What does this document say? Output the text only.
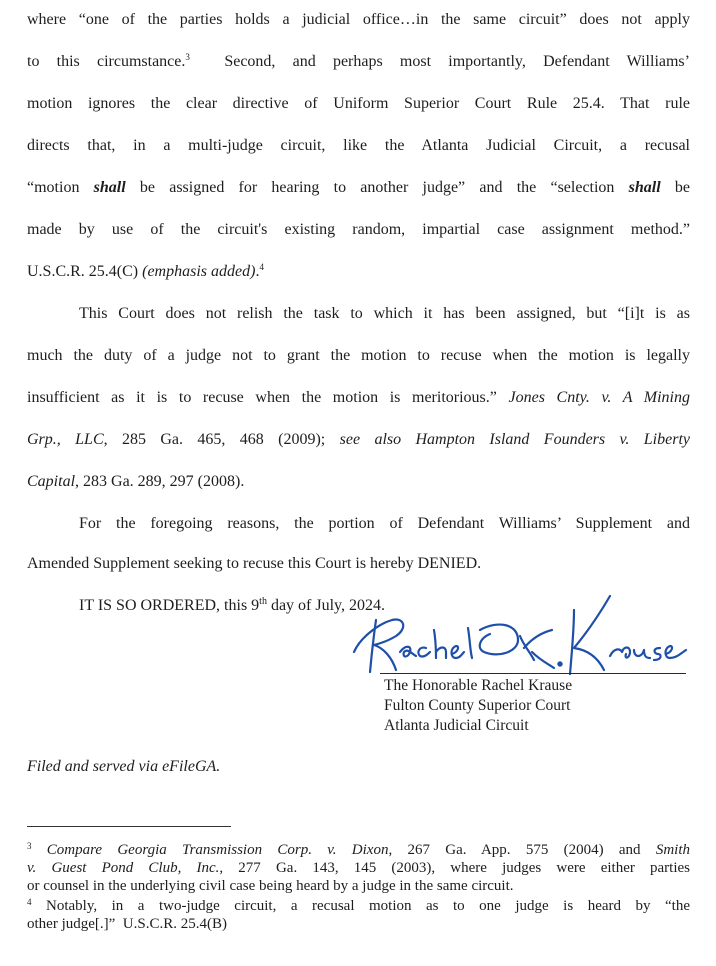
where “one of the parties holds a judicial office…in the same circuit” does not apply

to this circumstance.$^3$  Second, and perhaps most importantly, Defendant Williams’

motion ignores the clear directive of Uniform Superior Court Rule 25.4. That rule

directs that, in a multi-judge circuit, like the Atlanta Judicial Circuit, a recusal

“motion shall be assigned for hearing to another judge” and the “selection shall be

made by use of the circuit's existing random, impartial case assignment method.”

U.S.C.R. 25.4(C) (emphasis added).$^4$

This Court does not relish the task to which it has been assigned, but “[i]t is as

much the duty of a judge not to grant the motion to recuse when the motion is legally

insufficient as it is to recuse when the motion is meritorious.” Jones Cnty. v. A Mining

Grp., LLC, 285 Ga. 465, 468 (2009); see also Hampton Island Founders v. Liberty

Capital, 283 Ga. 289, 297 (2008).

For the foregoing reasons, the portion of Defendant Williams’ Supplement and

Amended Supplement seeking to recuse this Court is hereby DENIED.

IT IS SO ORDERED, this 9th day of July, 2024.

The Honorable Rachel Krause
Fulton County Superior Court
Atlanta Judicial Circuit
Filed and served via eFileGA.
$^3$ Compare Georgia Transmission Corp. v. Dixon, 267 Ga. App. 575 (2004) and Smith
v. Guest Pond Club, Inc., 277 Ga. 143, 145 (2003), where judges were either parties
or counsel in the underlying civil case being heard by a judge in the same circuit.
$^4$ Notably, in a two-judge circuit, a recusal motion as to one judge is heard by “the
other judge[.]”  U.S.C.R. 25.4(B)
